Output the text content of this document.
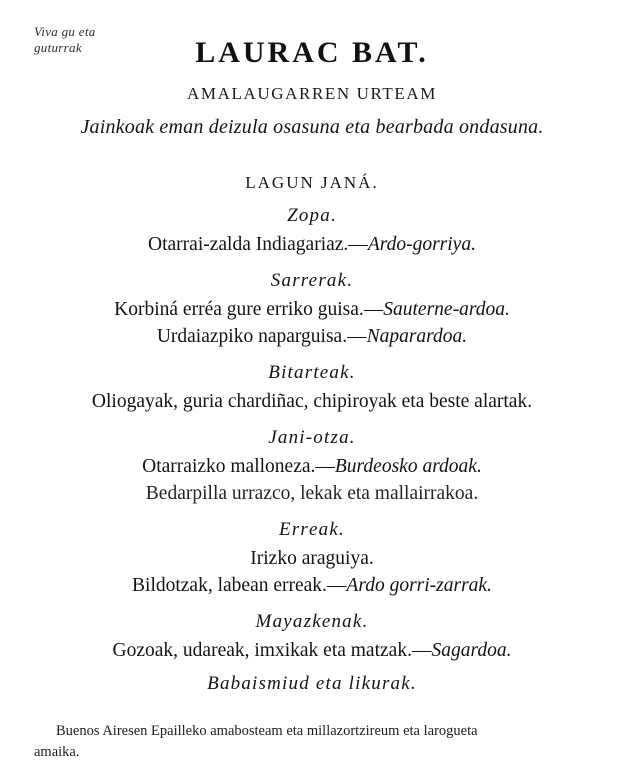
Viva gu eta guturrak	LAURAC BAT.
AMALAUGARREN URTEAM
Jainkoak eman deizula osasuna eta bearbada ondasuna.
LAGUN JANÁ.
Zopa.
Otarrai-zalda Indiagariaz.—Ardo-gorriya.
Sarrerak.
Korbiná erréa gure erriko guisa.—Sauterne-ardoa.
Urdaiazpiko naparguisa.—Naparardoa.
Bitarteak.
Oliogayak, guria chardiñac, chipiroyak eta beste alartak.
Jani-otza.
Otarraizko malloneza.—Burdeosko ardoak.
Bedarpilla urrazco, lekak eta mallairrakoa.
Errеak.
Irizko araguiya.
Bildotzak, labean erreak.—Ardo gorri-zarrak.
Mayazkenak.
Gozoak, udareak, imxikak eta matzak.—Sagardoa.
Babaismiud eta likurak.
Buenos Airesen Epailleko amabosteam eta millazortzireum eta larogueta
amaika.
